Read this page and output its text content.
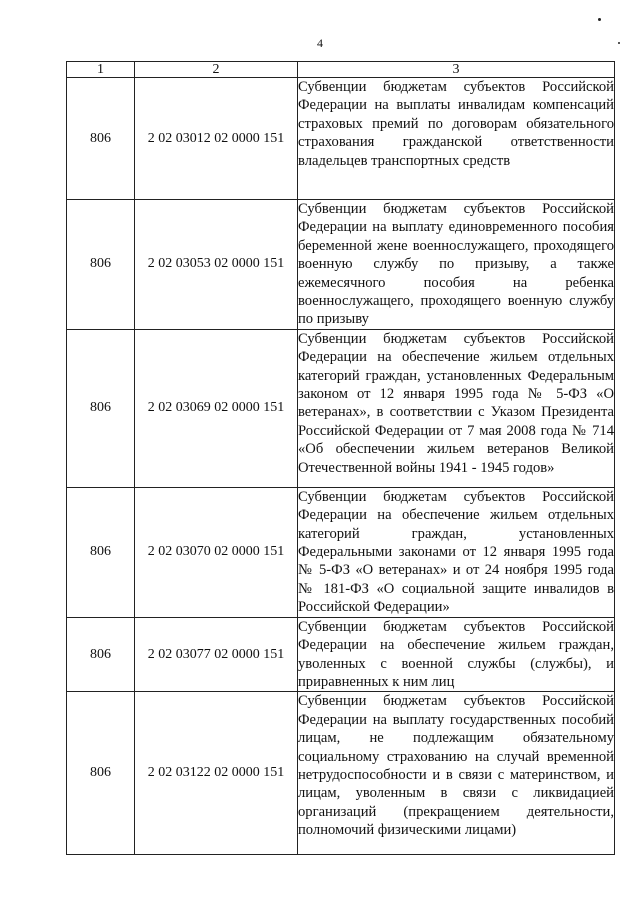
4
1	2	3
806	2 02 03012 02 0000 151	Субвенции бюджетам субъектов Российской Федерации на выплаты инвалидам компенсаций страховых премий по договорам обязательного страхования гражданской ответственности владельцев транспортных средств
806	2 02 03053 02 0000 151	Субвенции бюджетам субъектов Российской Федерации на выплату единовременного пособия беременной жене военнослужащего, проходящего военную службу по призыву, а также ежемесячного пособия на ребенка военнослужащего, проходящего военную службу по призыву
806	2 02 03069 02 0000 151	Субвенции бюджетам субъектов Российской Федерации на обеспечение жильем отдельных категорий граждан, установленных Федеральным законом от 12 января 1995 года № 5-ФЗ «О ветеранах», в соответствии с Указом Президента Российской Федерации от 7 мая 2008 года № 714 «Об обеспечении жильем ветеранов Великой Отечественной войны 1941 - 1945 годов»
806	2 02 03070 02 0000 151	Субвенции бюджетам субъектов Российской Федерации на обеспечение жильем отдельных категорий граждан, установленных Федеральными законами от 12 января 1995 года № 5-ФЗ «О ветеранах» и от 24 ноября 1995 года № 181-ФЗ «О социальной защите инвалидов в Российской Федерации»
806	2 02 03077 02 0000 151	Субвенции бюджетам субъектов Российской Федерации на обеспечение жильем граждан, уволенных с военной службы (службы), и приравненных к ним лиц
806	2 02 03122 02 0000 151	Субвенции бюджетам субъектов Российской Федерации на выплату государственных пособий лицам, не подлежащим обязательному социальному страхованию на случай временной нетрудоспособности и в связи с материнством, и лицам, уволенным в связи с ликвидацией организаций (прекращением деятельности, полномочий физическими лицами)
